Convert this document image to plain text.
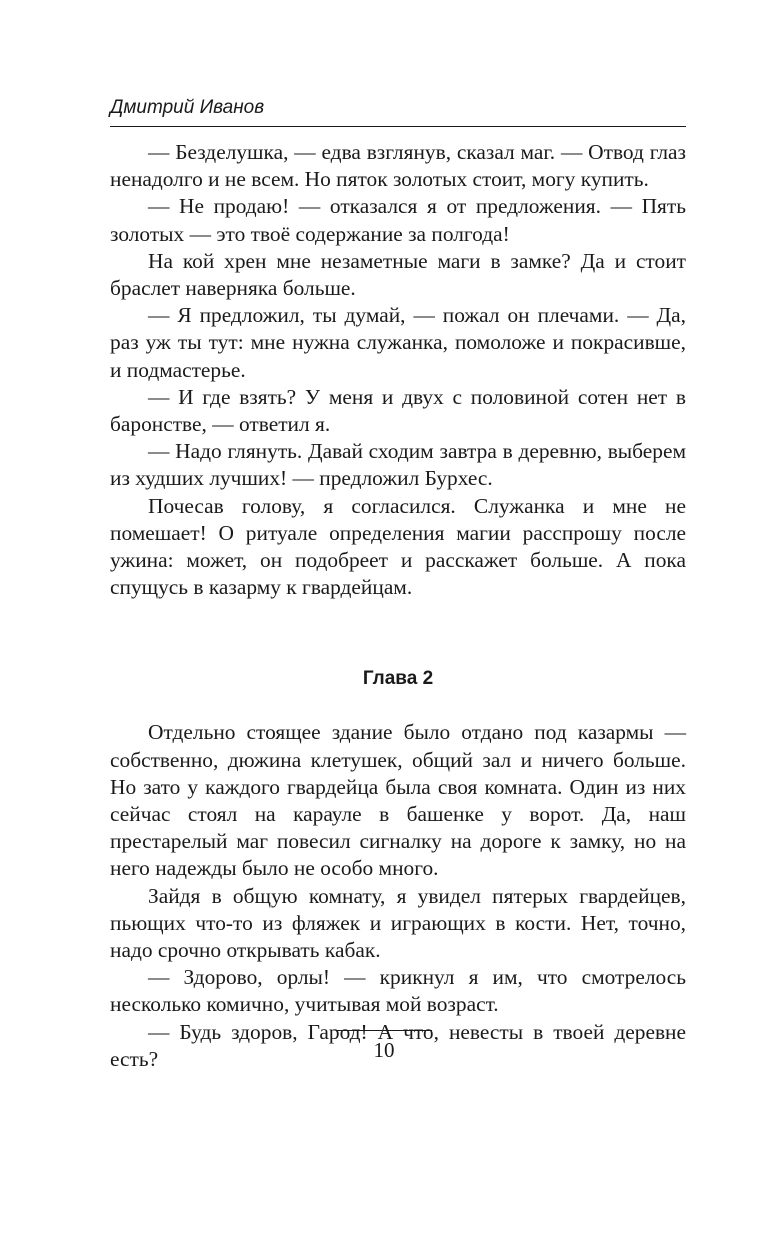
Дмитрий Иванов

— Безделушка, — едва взглянув, сказал маг. — Отвод глаз ненадолго и не всем. Но пяток золотых стоит, могу купить.

— Не продаю! — отказался я от предложения. — Пять золотых — это твоё содержание за полгода!

На кой хрен мне незаметные маги в замке? Да и стоит браслет наверняка больше.

— Я предложил, ты думай, — пожал он плечами. — Да, раз уж ты тут: мне нужна служанка, помоложе и покрасивше, и подмастерье.

— И где взять? У меня и двух с половиной сотен нет в баронстве, — ответил я.

— Надо глянуть. Давай сходим завтра в деревню, выберем из худших лучших! — предложил Бурхес.

Почесав голову, я согласился. Служанка и мне не помешает! О ритуале определения магии расспрошу после ужина: может, он подобреет и расскажет больше. А пока спущусь в казарму к гвардейцам.

Глава 2

Отдельно стоящее здание было отдано под казармы — собственно, дюжина клетушек, общий зал и ничего больше. Но зато у каждого гвардейца была своя комната. Один из них сейчас стоял на карауле в башенке у ворот. Да, наш престарелый маг повесил сигналку на дороге к замку, но на него надежды было не особо много.

Зайдя в общую комнату, я увидел пятерых гвардейцев, пьющих что-то из фляжек и играющих в кости. Нет, точно, надо срочно открывать кабак.

— Здорово, орлы! — крикнул я им, что смотрелось несколько комично, учитывая мой возраст.

— Будь здоров, Гарод! А что, невесты в твоей деревне есть?	10
